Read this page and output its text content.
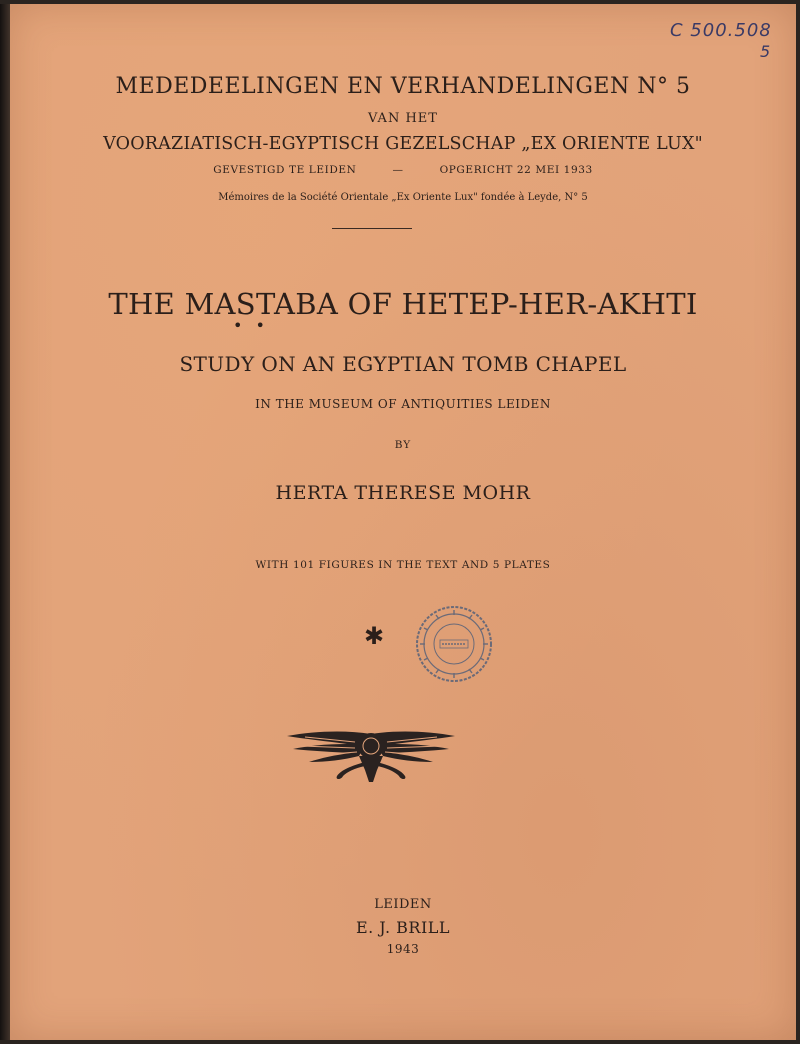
C 500.508
5
MEDEDEELINGEN EN VERHANDELINGEN N° 5
VAN HET
VOORAZIATISCH-EGYPTISCH GEZELSCHAP „EX ORIENTE LUX"
GEVESTIGD TE LEIDEN	—	OPGERICHT 22 MEI 1933
Mémoires de la Société Orientale „Ex Oriente Lux" fondée à Leyde, N° 5
THE MASTABA OF HETEP-HER-AKHTI
• •
STUDY ON AN EGYPTIAN TOMB CHAPEL
IN THE MUSEUM OF ANTIQUITIES LEIDEN
BY
HERTA THERESE MOHR
WITH 101 FIGURES IN THE TEXT AND 5 PLATES
✱
LEIDEN
E. J. BRILL
1943
